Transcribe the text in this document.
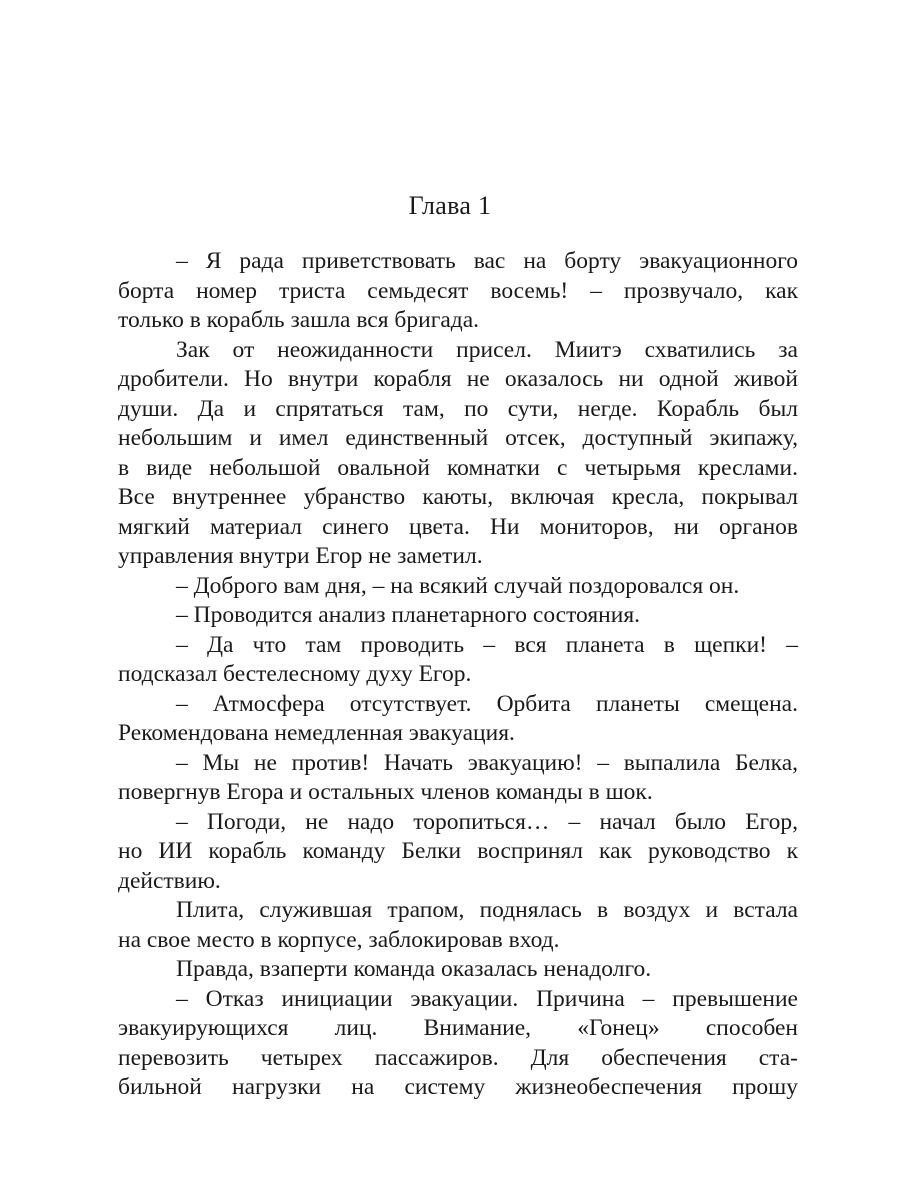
Глава 1
– Я рада приветствовать вас на борту эвакуационного
борта номер триста семьдесят восемь! – прозвучало, как
только в корабль зашла вся бригада.
Зак от неожиданности присел. Миитэ схватились за
дробители. Но внутри корабля не оказалось ни одной живой
души. Да и спрятаться там, по сути, негде. Корабль был
небольшим и имел единственный отсек, доступный экипажу,
в виде небольшой овальной комнатки с четырьмя креслами.
Все внутреннее убранство каюты, включая кресла, покрывал
мягкий материал синего цвета. Ни мониторов, ни органов
управления внутри Егор не заметил.
– Доброго вам дня, – на всякий случай поздоровался он.
– Проводится анализ планетарного состояния.
– Да что там проводить – вся планета в щепки! –
подсказал бестелесному духу Егор.
– Атмосфера отсутствует. Орбита планеты смещена.
Рекомендована немедленная эвакуация.
– Мы не против! Начать эвакуацию! – выпалила Белка,
повергнув Егора и остальных членов команды в шок.
– Погоди, не надо торопиться… – начал было Егор,
но ИИ корабль команду Белки воспринял как руководство к
действию.
Плита, служившая трапом, поднялась в воздух и встала
на свое место в корпусе, заблокировав вход.
Правда, взаперти команда оказалась ненадолго.
– Отказ инициации эвакуации. Причина – превышение
эвакуирующихся лиц. Внимание, «Гонец» способен
перевозить четырех пассажиров. Для обеспечения ста-
бильной нагрузки на систему жизнеобеспечения прошу
